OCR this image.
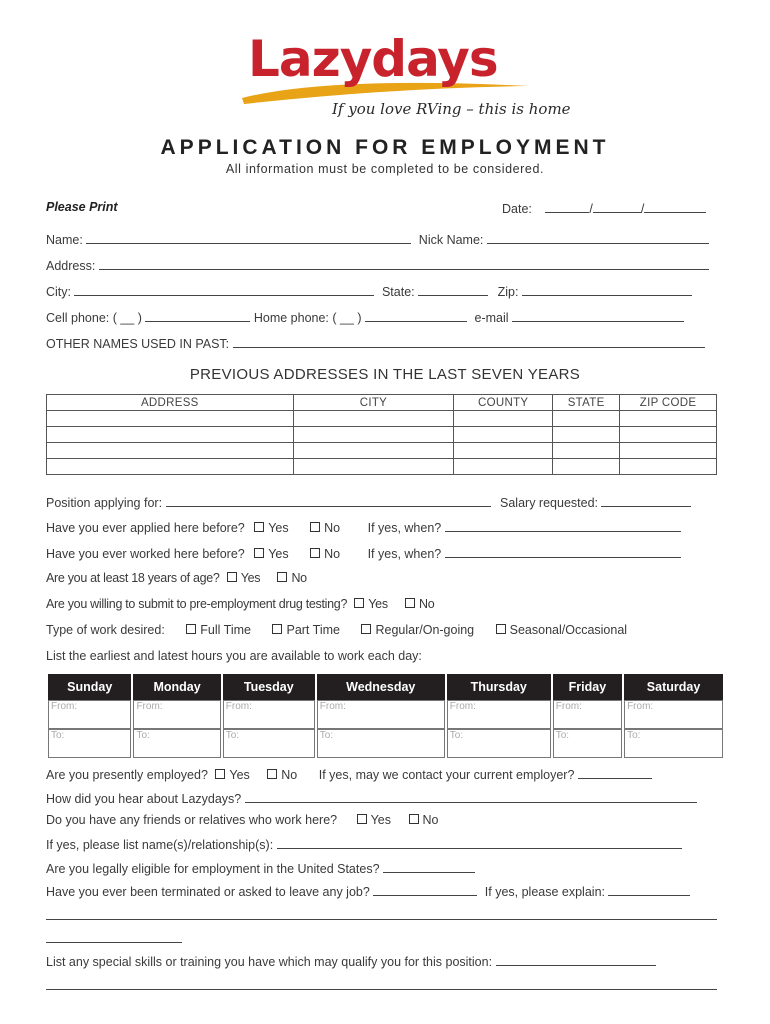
Lazydays
If you love RVing – this is home
APPLICATION FOR EMPLOYMENT
All information must be completed to be considered.
Please Print	Date:	/	/
Name:	Nick Name:
Address:
City:	State:	Zip:
Cell phone: ( __ )	Home phone: ( __ )	e-mail
OTHER NAMES USED IN PAST:
PREVIOUS ADDRESSES IN THE LAST SEVEN YEARS
ADDRESS	CITY	COUNTY	STATE	ZIP CODE

Position applying for:	Salary requested:
Have you ever applied here before? Yes	No If yes, when?
Have you ever worked here before? Yes	No If yes, when?
Are you at least 18 years of age? Yes No
Are you willing to submit to pre-employment drug testing? Yes No
Type of work desired:	Full Time	Part Time	Regular/On-going	Seasonal/Occasional
List the earliest and latest hours you are available to work each day:
Sunday	Monday	Tuesday	Wednesday	Thursday	Friday	Saturday
From:	From:	From:	From:	From:	From:	From:
To:	To:	To:	To:	To:	To:	To:
Are you presently employed? Yes	No If yes, may we contact your current employer?
How did you hear about Lazydays?
Do you have any friends or relatives who work here?	Yes	No
If yes, please list name(s)/relationship(s):
Are you legally eligible for employment in the United States?
Have you ever been terminated or asked to leave any job?	If yes, please explain:
List any special skills or training you have which may qualify you for this position:
